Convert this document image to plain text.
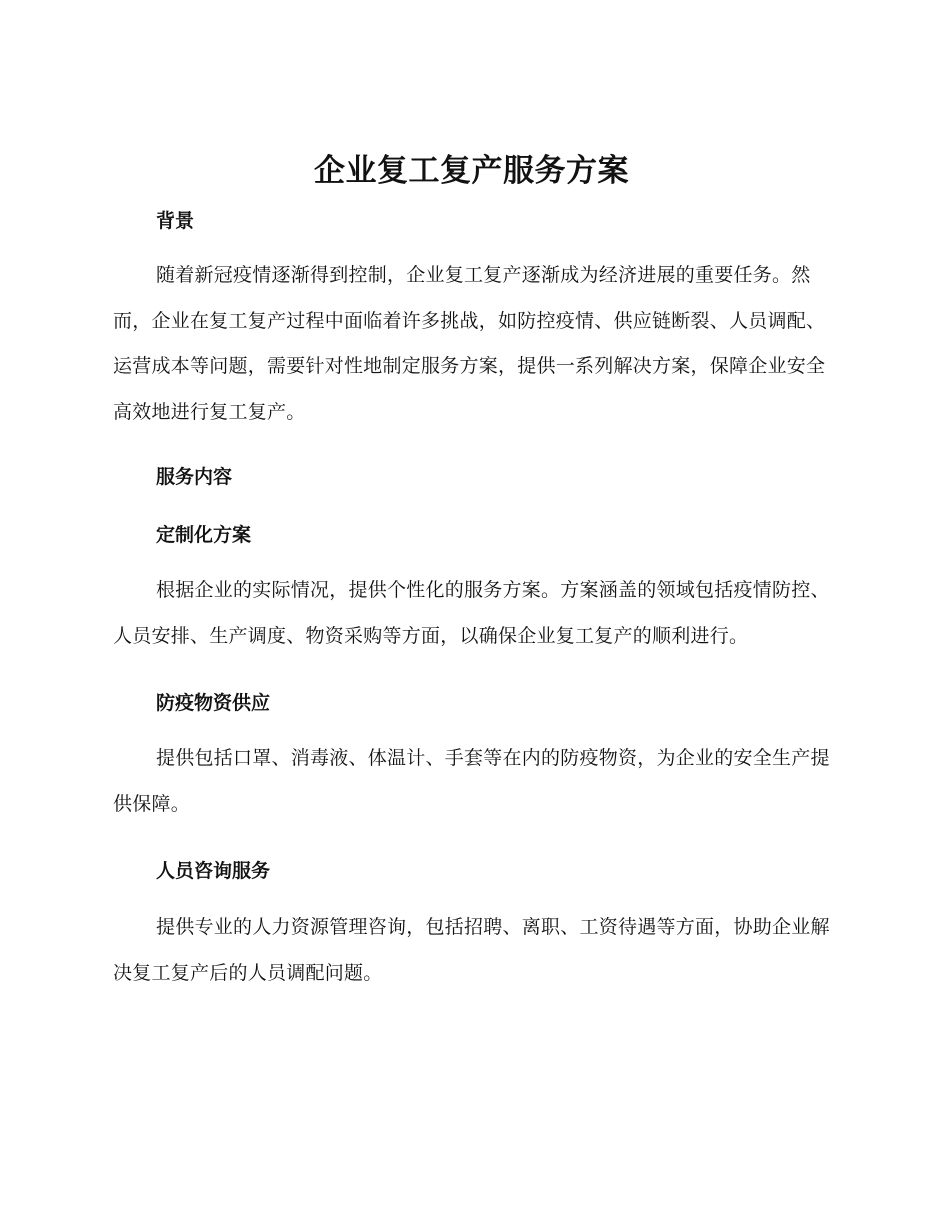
企业复工复产服务方案
背景

随着新冠疫情逐渐得到控制，企业复工复产逐渐成为经济进展的重要任务。然而，企业在复工复产过程中面临着许多挑战，如防控疫情、供应链断裂、人员调配、运营成本等问题，需要针对性地制定服务方案，提供一系列解决方案，保障企业安全高效地进行复工复产。

服务内容
定制化方案

根据企业的实际情况，提供个性化的服务方案。方案涵盖的领域包括疫情防控、人员安排、生产调度、物资采购等方面，以确保企业复工复产的顺利进行。

防疫物资供应

提供包括口罩、消毒液、体温计、手套等在内的防疫物资，为企业的安全生产提供保障。

人员咨询服务

提供专业的人力资源管理咨询，包括招聘、离职、工资待遇等方面，协助企业解决复工复产后的人员调配问题。
